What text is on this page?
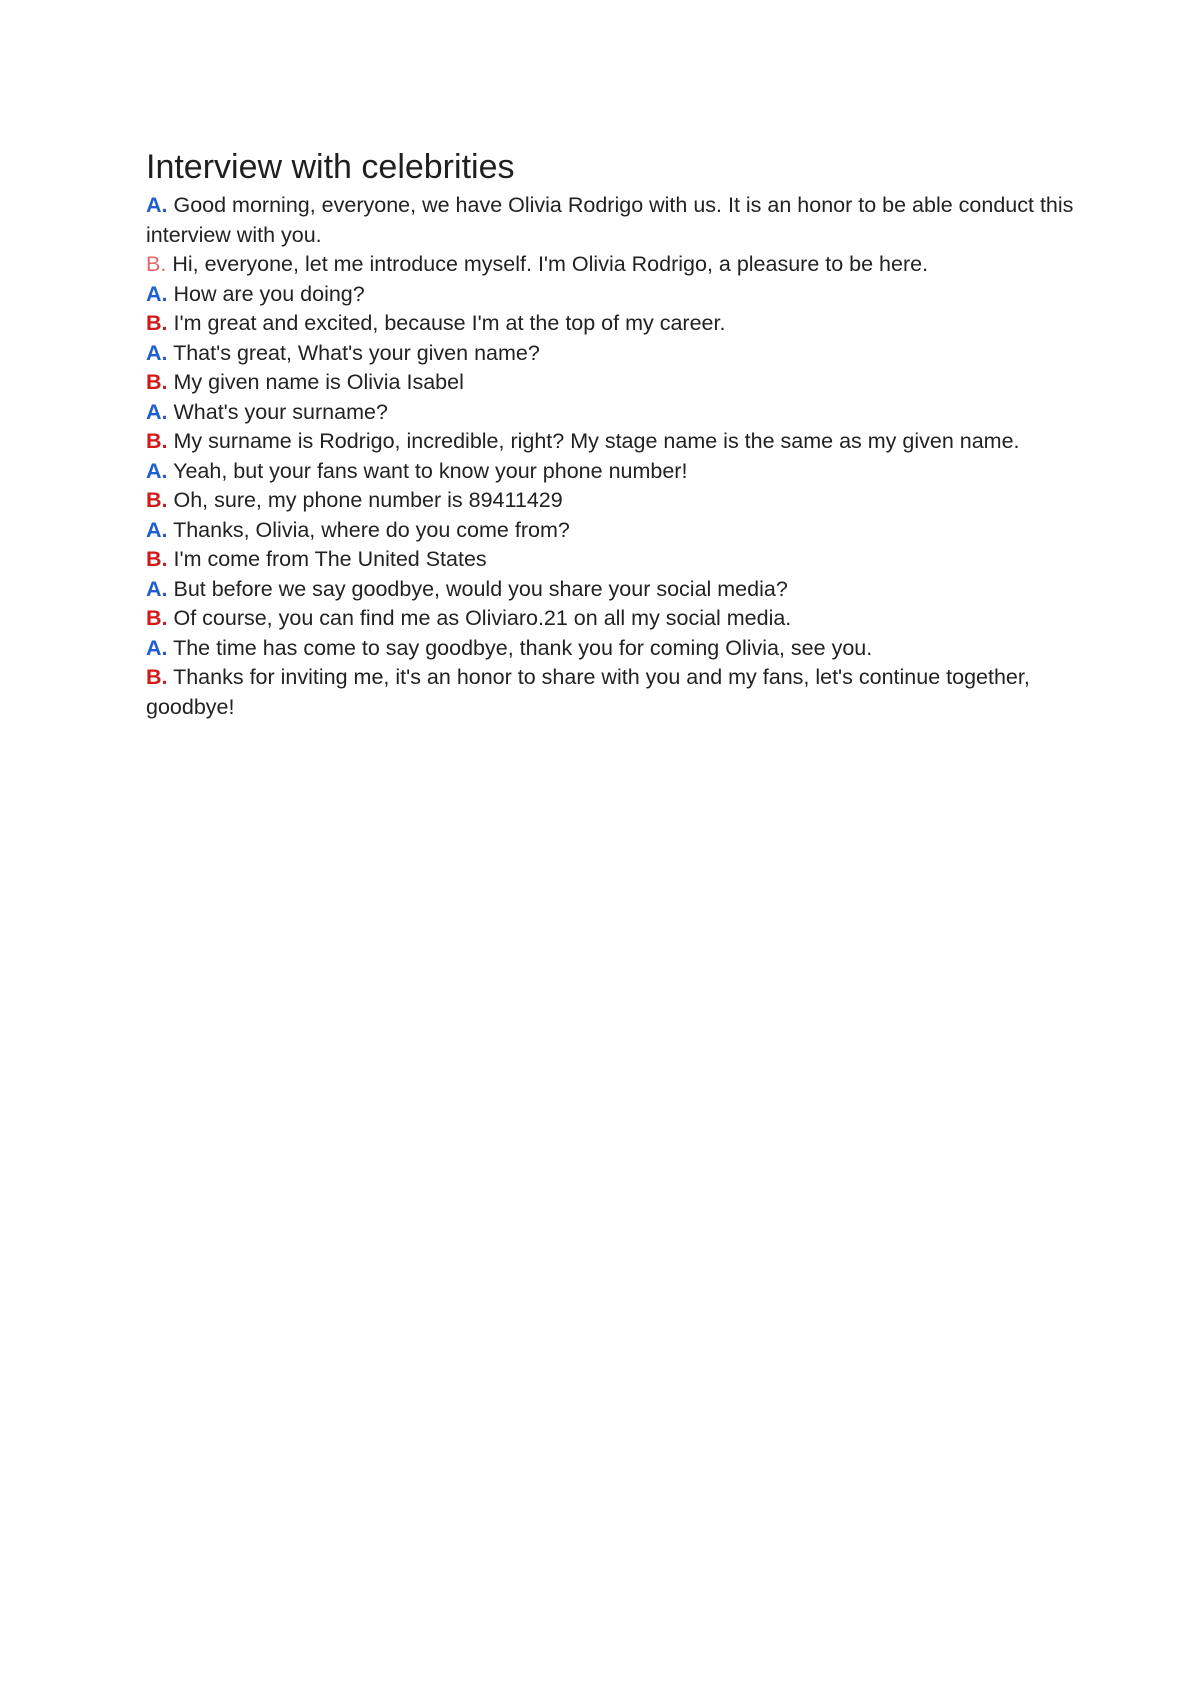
Interview with celebrities
A. Good morning, everyone, we have Olivia Rodrigo with us. It is an honor to be able conduct this interview with you.
B. Hi, everyone, let me introduce myself. I'm Olivia Rodrigo, a pleasure to be here.
A. How are you doing?
B. I'm great and excited, because I'm at the top of my career.
A. That's great, What's your given name?
B. My given name is Olivia Isabel
A. What's your surname?
B. My surname is Rodrigo, incredible, right? My stage name is the same as my given name.
A. Yeah, but your fans want to know your phone number!
B. Oh, sure, my phone number is 89411429
A. Thanks, Olivia, where do you come from?
B. I'm come from The United States
A. But before we say goodbye, would you share your social media?
B. Of course, you can find me as Oliviaro.21 on all my social media.
A. The time has come to say goodbye, thank you for coming Olivia, see you.
B. Thanks for inviting me, it's an honor to share with you and my fans, let's continue together, goodbye!
